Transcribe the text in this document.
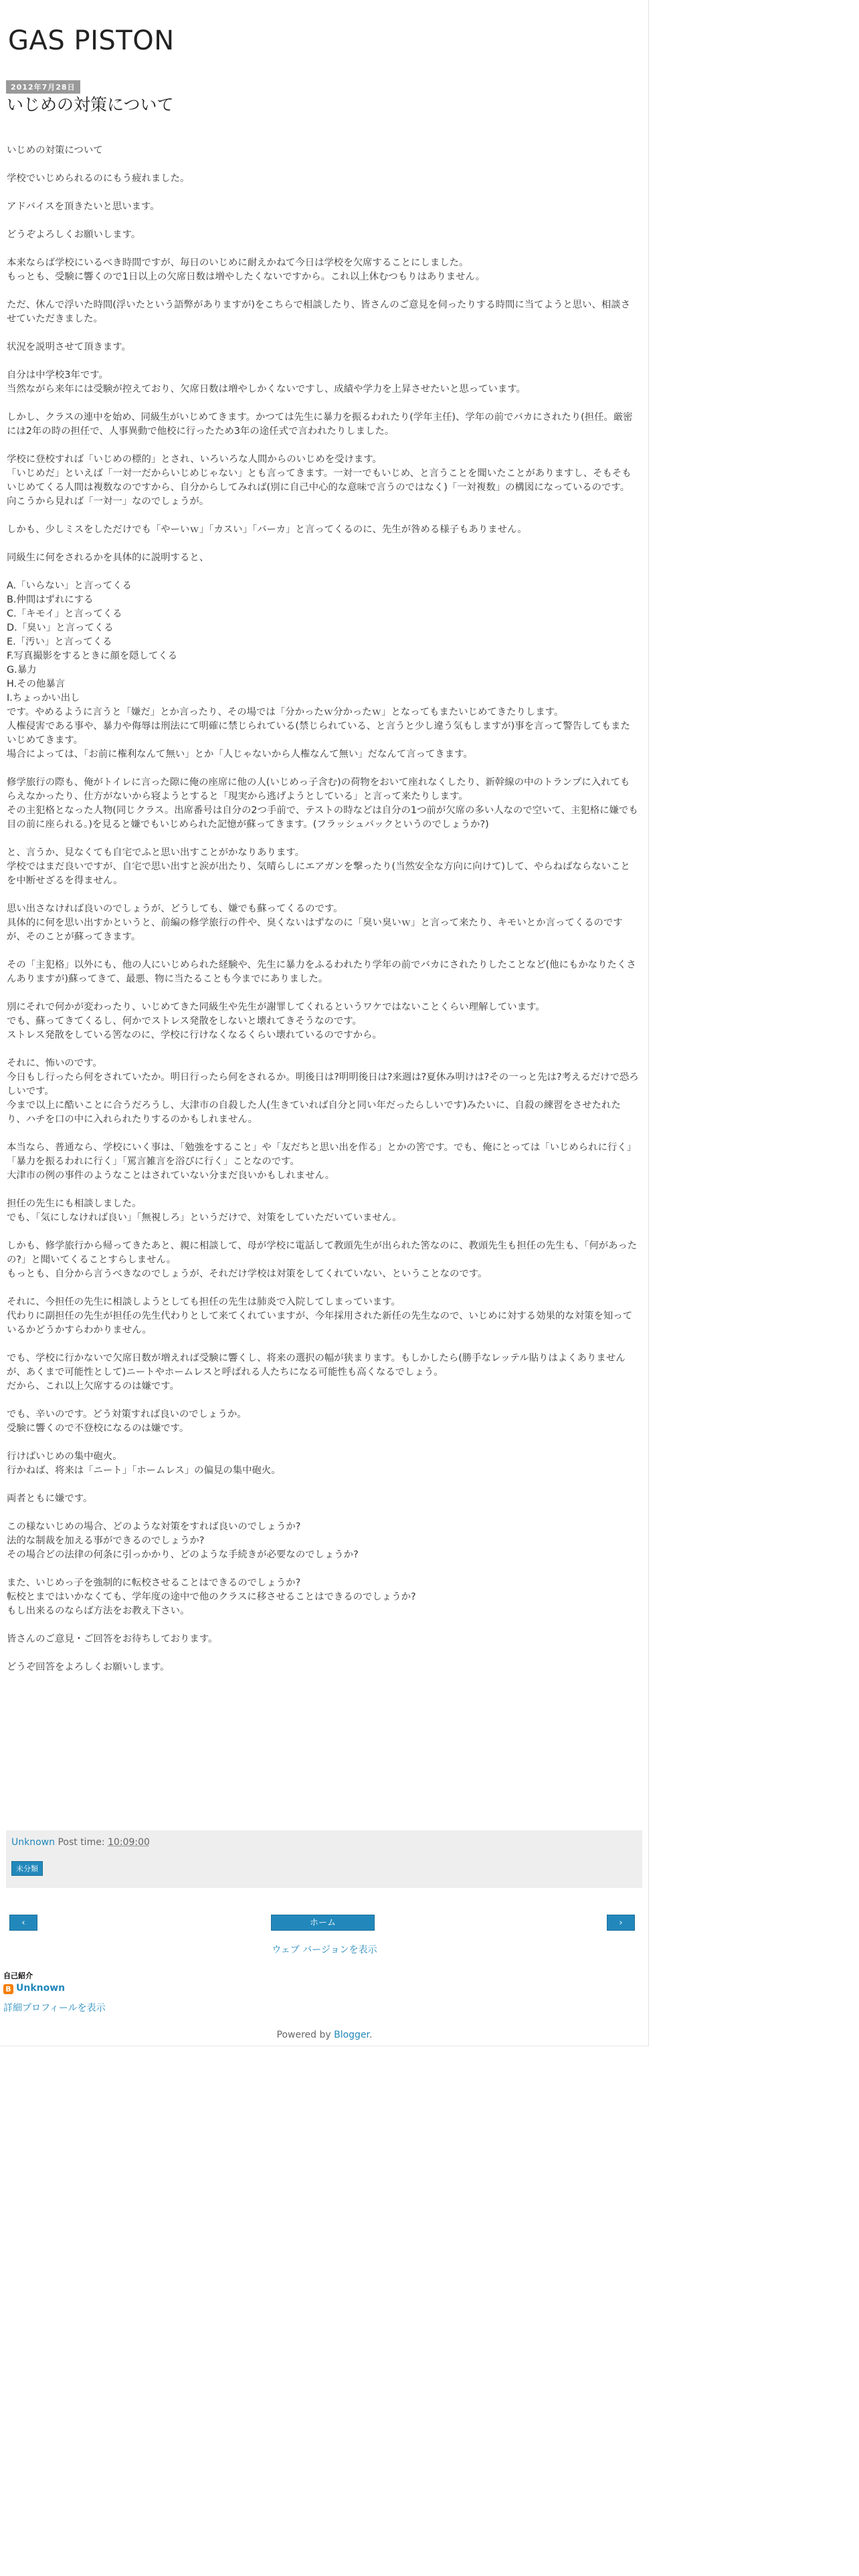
GAS PISTON
2012年7月28日
いじめの対策について

いじめの対策について

学校でいじめられるのにもう疲れました。

アドバイスを頂きたいと思います。

どうぞよろしくお願いします。

本来ならば学校にいるべき時間ですが、毎日のいじめに耐えかねて今日は学校を欠席することにしました。
もっとも、受験に響くので1日以上の欠席日数は増やしたくないですから。これ以上休むつもりはありません。

ただ、休んで浮いた時間(浮いたという語弊がありますが)をこちらで相談したり、皆さんのご意見を伺ったりする時間に当てようと思い、相談させていただきました。

状況を説明させて頂きます。

自分は中学校3年です。
当然ながら来年には受験が控えており、欠席日数は増やしかくないですし、成績や学力を上昇させたいと思っています。

しかし、クラスの連中を始め、同級生がいじめてきます。かつては先生に暴力を振るわれたり(学年主任)、学年の前でバカにされたり(担任。厳密には2年の時の担任で、人事異動で他校に行ったため3年の途任式で言われたりしました。

学校に登校すれば「いじめの標的」とされ、いろいろな人間からのいじめを受けます。
「いじめだ」といえば「一対一だからいじめじゃない」とも言ってきます。一対一でもいじめ、と言うことを聞いたことがありますし、そもそもいじめてくる人間は複数なのですから、自分からしてみれば(別に自己中心的な意味で言うのではなく)「一対複数」の構図になっているのです。向こうから見れば「一対一」なのでしょうが。

しかも、少しミスをしただけでも「やーいｗ」「カスい」「バーカ」と言ってくるのに、先生が咎める様子もありません。

同級生に何をされるかを具体的に説明すると、

A.「いらない」と言ってくる
B.仲間はずれにする
C.「キモイ」と言ってくる
D.「臭い」と言ってくる
E.「汚い」と言ってくる
F.写真撮影をするときに顔を隠してくる
G.暴力
H.その他暴言
I.ちょっかい出し
です。やめるように言うと「嫌だ」とか言ったり、その場では「分かったｗ分かったｗ」となってもまたいじめてきたりします。
人権侵害である事や、暴力や侮辱は刑法にて明確に禁じられている(禁じられている、と言うと少し違う気もしますが)事を言って警告してもまたいじめてきます。
場合によっては、「お前に権利なんて無い」とか「人じゃないから人権なんて無い」だなんて言ってきます。

修学旅行の際も、俺がトイレに言った隙に俺の座席に他の人(いじめっ子含む)の荷物をおいて座れなくしたり、新幹線の中のトランプに入れてもらえなかったり、仕方がないから寝ようとすると「現実から逃げようとしている」と言って来たりします。
その主犯格となった人物(同じクラス。出席番号は自分の2つ手前で、テストの時などは自分の1つ前が欠席の多い人なので空いて、主犯格に嫌でも目の前に座られる。)を見ると嫌でもいじめられた記憶が蘇ってきます。(フラッシュバックというのでしょうか?)

と、言うか、見なくても自宅でふと思い出すことがかなりあります。
学校ではまだ良いですが、自宅で思い出すと涙が出たり、気晴らしにエアガンを撃ったり(当然安全な方向に向けて)して、やらねばならないことを中断せざるを得ません。

思い出さなければ良いのでしょうが、どうしても、嫌でも蘇ってくるのです。
具体的に何を思い出すかというと、前編の修学旅行の件や、臭くないはずなのに「臭い臭いｗ」と言って来たり、キモいとか言ってくるのですが、そのことが蘇ってきます。

その「主犯格」以外にも、他の人にいじめられた経験や、先生に暴力をふるわれたり学年の前でバカにされたりしたことなど(他にもかなりたくさんありますが)蘇ってきて、最悪、物に当たることも今までにありました。

別にそれで何かが変わったり、いじめてきた同級生や先生が謝罪してくれるというワケではないことくらい理解しています。
でも、蘇ってきてくるし、何かでストレス発散をしないと壊れてきそうなのです。
ストレス発散をしている筈なのに、学校に行けなくなるくらい壊れているのですから。

それに、怖いのです。
今日もし行ったら何をされていたか。明日行ったら何をされるか。明後日は?明明後日は?来週は?夏休み明けは?その一っと先は?考えるだけで恐ろしいです。
今まで以上に酷いことに合うだろうし、大津市の自殺した人(生きていれば自分と同い年だったらしいです)みたいに、自殺の練習をさせたれたり、ハチを口の中に入れられたりするのかもしれません。

本当なら、普通なら、学校にいく事は、「勉強をすること」や「友だちと思い出を作る」とかの筈です。でも、俺にとっては「いじめられに行く」「暴力を振るわれに行く」「罵言雑言を浴びに行く」ことなのです。
大津市の例の事件のようなことはされていない分まだ良いかもしれません。

担任の先生にも相談しました。
でも、「気にしなければ良い」「無視しろ」というだけで、対策をしていただいていません。

しかも、修学旅行から帰ってきたあと、親に相談して、母が学校に電話して教頭先生が出られた筈なのに、教頭先生も担任の先生も、「何があったの?」と聞いてくることすらしません。
もっとも、自分から言うべきなのでしょうが、それだけ学校は対策をしてくれていない、ということなのです。

それに、今担任の先生に相談しようとしても担任の先生は肺炎で入院してしまっています。
代わりに副担任の先生が担任の先生代わりとして来てくれていますが、今年採用された新任の先生なので、いじめに対する効果的な対策を知っているかどうかすらわかりません。

でも、学校に行かないで欠席日数が増えれば受験に響くし、将来の選択の幅が狭まります。もしかしたら(勝手なレッテル貼りはよくありませんが、あくまで可能性として)ニートやホームレスと呼ばれる人たちになる可能性も高くなるでしょう。
だから、これ以上欠席するのは嫌です。

でも、辛いのです。どう対策すれば良いのでしょうか。
受験に響くので不登校になるのは嫌です。

行けばいじめの集中砲火。
行かねば、将来は「ニート」「ホームレス」の偏見の集中砲火。

両者ともに嫌です。

この様ないじめの場合、どのような対策をすれば良いのでしょうか?
法的な制裁を加える事ができるのでしょうか?
その場合どの法律の何条に引っかかり、どのような手続きが必要なのでしょうか?

また、いじめっ子を強制的に転校させることはできるのでしょうか?
転校とまではいかなくても、学年度の途中で他のクラスに移させることはできるのでしょうか?
もし出来るのならば方法をお教え下さい。

皆さんのご意見・ご回答をお待ちしております。

どうぞ回答をよろしくお願いします。

Unknown Post time: 10:09:00
未分類
‹	ホーム	›
ウェブ バージョンを表示
自己紹介
B Unknown
詳細プロフィールを表示
Powered by Blogger.
